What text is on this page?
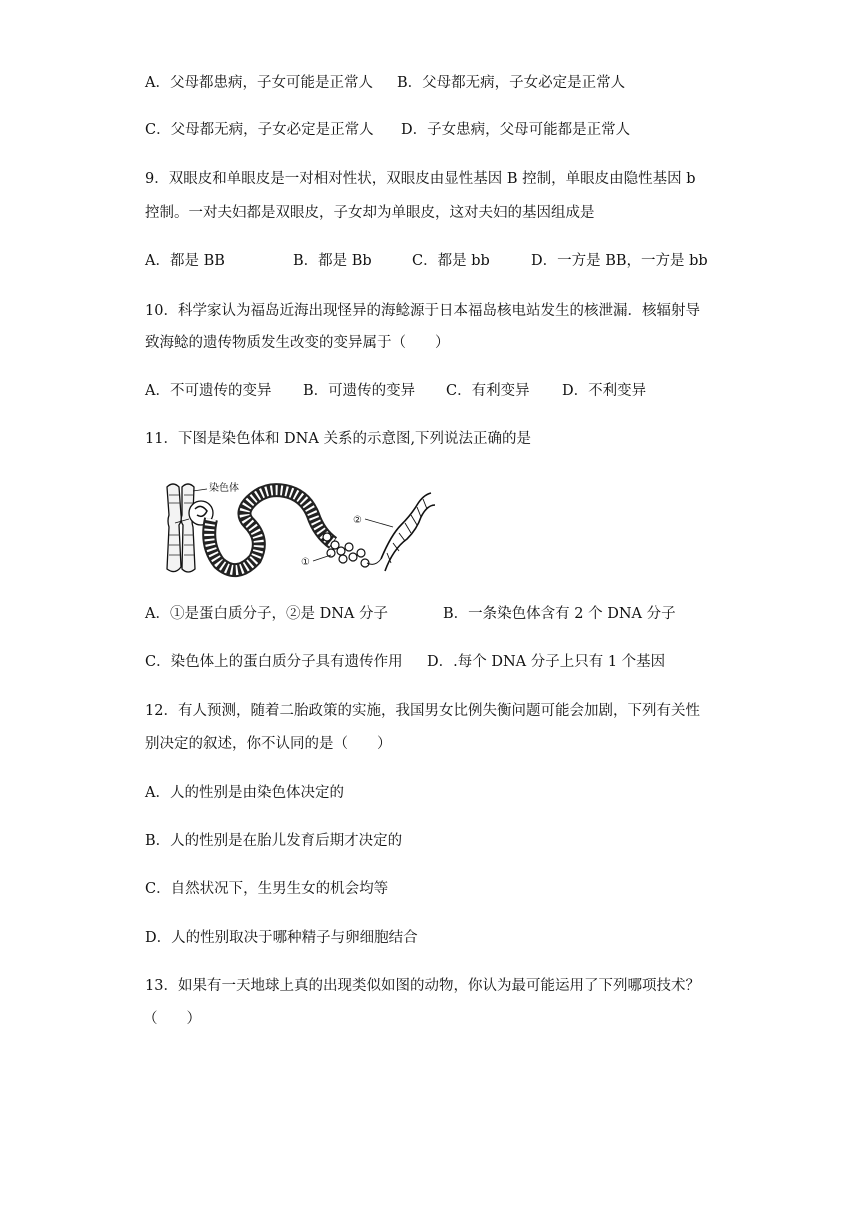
A．父母都患病，子女可能是正常人 B．父母都无病，子女必定是正常人
C．父母都无病，子女必定是正常人 D．子女患病，父母可能都是正常人
9．双眼皮和单眼皮是一对相对性状，双眼皮由显性基因 B 控制，单眼皮由隐性基因 b
控制。一对夫妇都是双眼皮，子女却为单眼皮，这对夫妇的基因组成是
A．都是 BB	B．都是 Bb	C．都是 bb	D．一方是 BB，一方是 bb
10．科学家认为福岛近海出现怪异的海鲶源于日本福岛核电站发生的核泄漏．核辐射导
致海鲶的遗传物质发生改变的变异属于（　　）
A．不可遗传的变异 B．可遗传的变异 C．有利变异 D．不利变异
11．下图是染色体和 DNA 关系的示意图,下列说法正确的是
染色体
②
①
A．①是蛋白质分子，②是 DNA 分子	B．一条染色体含有 2 个 DNA 分子
C．染色体上的蛋白质分子具有遗传作用 D．.每个 DNA 分子上只有 1 个基因
12．有人预测，随着二胎政策的实施，我国男女比例失衡问题可能会加剧，下列有关性
别决定的叙述，你不认同的是（　　）
A．人的性别是由染色体决定的
B．人的性别是在胎儿发育后期才决定的
C．自然状况下，生男生女的机会均等
D．人的性别取决于哪种精子与卵细胞结合
13．如果有一天地球上真的出现类似如图的动物，你认为最可能运用了下列哪项技术？
（　　）
